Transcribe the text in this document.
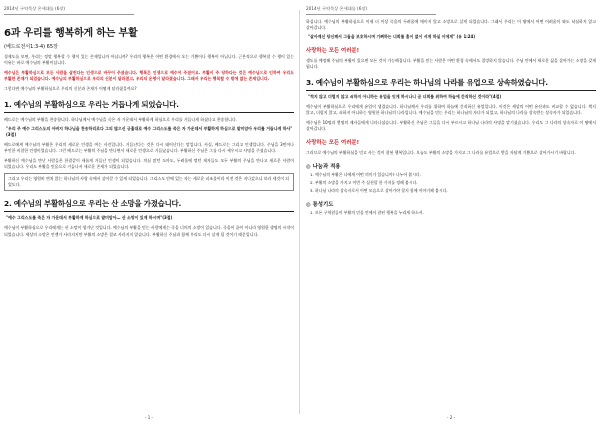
2014년 구약묵상 온세대를 (6장)
6과 우리를 행복하게 하는 부활
(베드로전서1:3-4) 65장

경제도를 보면, 우리는 정말 행복할 수 행이 있는 존재입니까 아닙니까? 우리의 행복은 어떤 환경에서 오는 기쁨이나 행복이 아닙니다. 근본적으로 행복할 수 행이 있는 이유는 바로 예수님의 부활이십니다.

예수님은 부활하심으로 모든 사람을 살린다는 인생으로 바꾸어 주셨습니다. 행복은 인생으로 예수어 주셨어요. 부활이 주 당하다는 것은 예수님으로 인하여 우리도 부활한 존재가 되었습니다. 예수님의 부활하심으로 우리의 신분이 달라졌고, 우리의 운명이 달라졌습니다. 그래서 우리는 행복할 수 밖에 없는 존재입니다.

그렇다면 예수님의 부활하심으로 우리의 신분과 존재가 어떻게 달라졌을까요?

1. 예수님의 부활하심으로 우리는 거듭나게 되었습니다.

베드로는 예수님의 부활을 찬송합니다. 하나님께서 예수님을 죽은 자 가운데서 부활하게 하심으로 우리를 거듭나게 하셨다고 찬송합니다.

"우리 주 예수 그리스도의 아버지 하나님을 찬송하리로다 그의 많으신 긍휼대로 예수 그리스도를 죽은 자 가운데서 부활하게 하심으로 말미암아 우리를 거듭나게 하사" (3절)

베드로에게 예수님의 부활은 우리의 새로운 인생을 여는 사건입니다. 거듭난다는 것은 다시 태어난다는 말입니다. 사실, 베드로는 그리고 인생입니다. 주님을 3번이나 부인한 비참한 인생이었습니다. 그런 베드로는 부활의 주님을 만나면서 새로운 인생으로 거듭났습니다. 부활하신 주님은 그를 다시 세우시고 사명을 주셨습니다.

부활하신 예수님을 만난 사람들은 한결같이 새롭게 거듭난 인생이 되었습니다. 의심 많던 도마도, 두려움에 떨던 제자들도 모두 부활의 주님을 만나고 새로운 사람이 되었습니다. 우리도 부활을 믿음으로 거듭나서 새로운 존재가 되었습니다.

그리고 우리는 영원히 변치 않는 하나님의 사랑 속에서 살아갈 수 있게 되었습니다. 그리스도 안에 있는 자는 새로운 피조물이라 이전 것은 지나갔으니 보라 새것이 되었도다.
2. 예수님의 부활하심으로 우리는 산 소망을 가졌습니다.
"예수 그리스도를 죽은 자 가운데서 부활하게 하심으로 말미암아… 산 소망이 있게 하시며"(3절)

예수님이 부활하심으로 우리에게는 산 소망이 생겨난 것입니다. 예수님의 부활을 믿는 사람에게는 죽음 너머의 소망이 있습니다. 죽음이 끝이 아니라 영원한 생명의 시작이 되었습니다. 세상의 소망은 언젠가 사라지지만 부활의 소망은 결코 사라지지 않습니다. 부활하신 주님과 함께 우리도 다시 살게 될 것이기 때문입니다.

- 1 -
2014년 구약묵상 온세대를 (6장)

하십니다. 예수님의 부활하심으로 이제 더 이상 죽음의 두려움에 매이지 않고 소망으로 살게 되었습니다. 그래서 우리는 이 땅에서 어떤 어려움이 와도 낙심하지 않고 살아갑니다.

"살아계신 당신께서 그들을 보호하시며 기뻐하는 너희를 흠이 없이 서게 하실 이에게" (유 1:24)
사랑하는 모든 여러분!

생도를 예정해 주님의 부활이 있으면 모든 것이 가능해집니다. 부활을 믿는 사람은 어떤 환경 속에서도 절망하지 않습니다. 주님 안에서 새로운 삶을 살아가는 소망을 갖게 됩니다.

3. 예수님이 부활하심으로 우리는 하나님의 나라를 유업으로 상속하였습니다.
"썩지 않고 더럽지 않고 쇠하지 아니하는 유업을 잇게 하시나니 곧 너희를 위하여 하늘에 간직하신 것이라"(4절)

예수님이 부활하심으로 우리에게 유업이 생겼습니다. 하나님께서 우리를 위하여 하늘에 간직하신 유업입니다. 이것은 세상의 어떤 유산과도 비교할 수 없습니다. 썩지 않고, 더럽지 않고, 쇠하지 아니하는 영원한 하나님의 나라입니다. 예수님을 믿는 우리는 하나님의 자녀가 되었고, 하나님의 나라를 상속받는 상속자가 되었습니다.

예수님은 10명과 몇명의 제자들에게 나타나셨습니다. 부활하신 주님은 그들을 다시 부르시고 하나님 나라의 사명을 맡기셨습니다. 우리도 그 나라의 상속자로 이 땅에서 살아갑니다.

사랑하는 모든 여러분!

그러므로 예수님의 부활하심을 믿고 사는 것이 참된 행복입니다. 오늘도 부활의 소망을 가지고 그 나라를 유업으로 받을 자답게 기쁨으로 살아가시기 바랍니다.

◎ 나눔과 적용
1. 예수님의 부활은 나에게 어떤 의미가 있습니까? 나누어 봅시다.
2. 부활의 소망을 가지고 이번 주 실천할 한 가지를 정해 봅시다.
3. 하나님 나라의 상속자로서 어떤 모습으로 살아가야 할지 함께 이야기해 봅시다.
◎ 통성기도
1. 모든 구역원들이 부활의 믿음 안에서 참된 행복을 누리게 하소서.
- 2 -
